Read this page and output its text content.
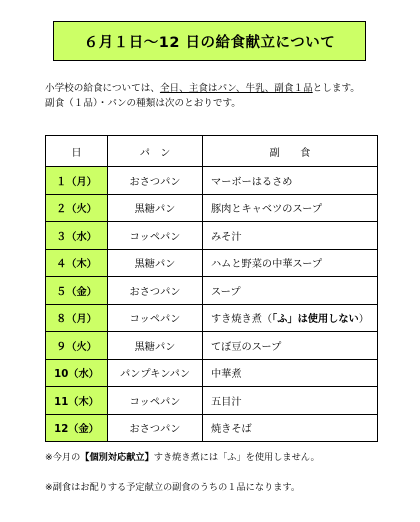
６月１日～12 日の給食献立について
小学校の給食については、全日、主食はパン、牛乳、副食１品とします。
副食（１品）・パンの種類は次のとおりです。
日	パ　ン	副　　食
１（月）	おさつパン	マーボーはるさめ
２（火）	黒糖パン	豚肉とキャベツのスープ
３（水）	コッペパン	みそ汁
４（木）	黒糖パン	ハムと野菜の中華スープ
５（金）	おさつパン	スープ
８（月）	コッペパン	すき焼き煮（「ふ」は使用しない）
９（火）	黒糖パン	てぼ豆のスープ
10（水）	パンプキンパン	中華煮
11（木）	コッペパン	五目汁
12（金）	おさつパン	焼きそば
※今月の【個別対応献立】すき焼き煮には「ふ」を使用しません。
※副食はお配りする予定献立の副食のうちの１品になります。
